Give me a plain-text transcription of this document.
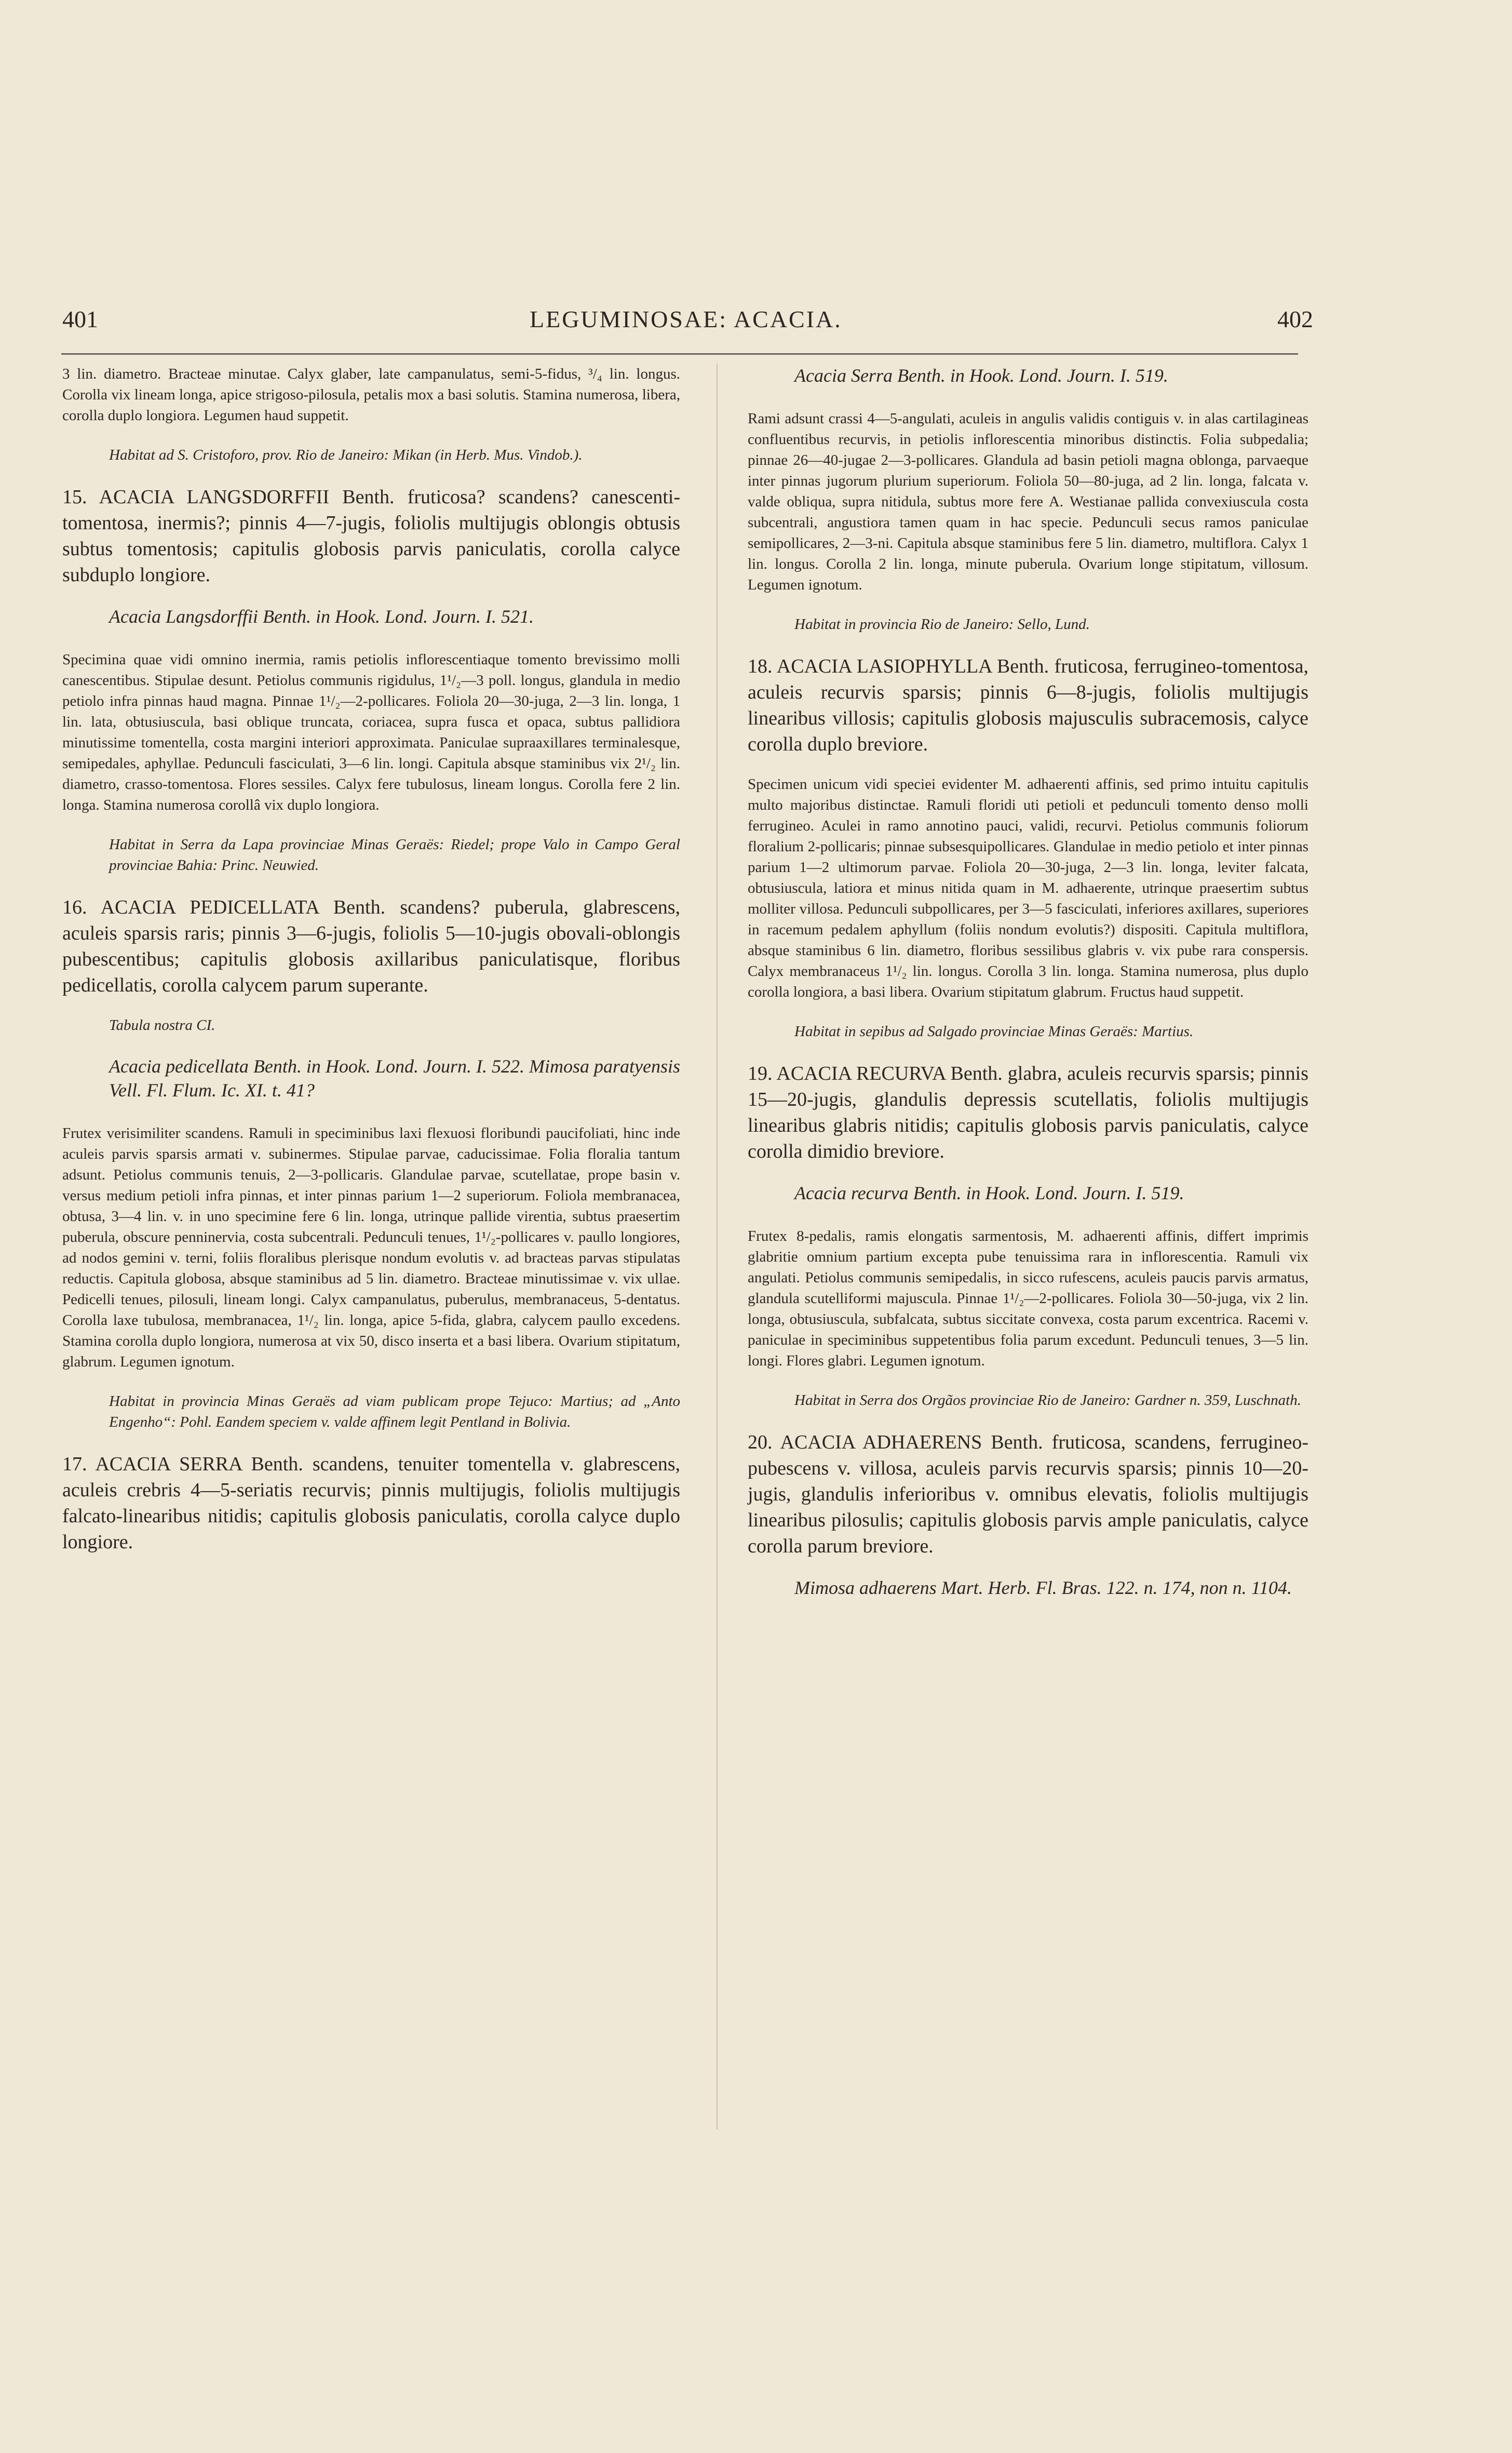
401	LEGUMINOSAE: ACACIA.	402

3 lin. diametro. Bracteae minutae. Calyx glaber, late campanulatus, semi-5-fidus, ³/₄ lin. longus. Corolla vix lineam longa, apice strigoso-pilosula, petalis mox a basi solutis. Stamina numerosa, libera, corolla duplo longiora. Legumen haud suppetit.

Habitat ad S. Cristoforo, prov. Rio de Janeiro: Mikan (in Herb. Mus. Vindob.).

15. ACACIA LANGSDORFFII Benth. fruticosa? scandens? canescenti-tomentosa, inermis?; pinnis 4—7-jugis, foliolis multijugis oblongis obtusis subtus tomentosis; capitulis globosis parvis paniculatis, corolla calyce subduplo longiore.

Acacia Langsdorffii Benth. in Hook. Lond. Journ. I. 521.

Specimina quae vidi omnino inermia, ramis petiolis inflorescentiaque tomento brevissimo molli canescentibus. Stipulae desunt. Petiolus communis rigidulus, 1¹/₂—3 poll. longus, glandula in medio petiolo infra pinnas haud magna. Pinnae 1¹/₂—2-pollicares. Foliola 20—30-juga, 2—3 lin. longa, 1 lin. lata, obtusiuscula, basi oblique truncata, coriacea, supra fusca et opaca, subtus pallidiora minutissime tomentella, costa margini interiori approximata. Paniculae supraaxillares terminalesque, semipedales, aphyllae. Pedunculi fasciculati, 3—6 lin. longi. Capitula absque staminibus vix 2¹/₂ lin. diametro, crasso-tomentosa. Flores sessiles. Calyx fere tubulosus, lineam longus. Corolla fere 2 lin. longa. Stamina numerosa corollâ vix duplo longiora.

Habitat in Serra da Lapa provinciae Minas Geraës: Riedel; prope Valo in Campo Geral provinciae Bahia: Princ. Neuwied.

16. ACACIA PEDICELLATA Benth. scandens? puberula, glabrescens, aculeis sparsis raris; pinnis 3—6-jugis, foliolis 5—10-jugis obovali-oblongis pubescentibus; capitulis globosis axillaribus paniculatisque, floribus pedicellatis, corolla calycem parum superante.

Tabula nostra CI.

Acacia pedicellata Benth. in Hook. Lond. Journ. I. 522. Mimosa paratyensis Vell. Fl. Flum. Ic. XI. t. 41?

Frutex verisimiliter scandens. Ramuli in speciminibus laxi flexuosi floribundi paucifoliati, hinc inde aculeis parvis sparsis armati v. subinermes. Stipulae parvae, caducissimae. Folia floralia tantum adsunt. Petiolus communis tenuis, 2—3-pollicaris. Glandulae parvae, scutellatae, prope basin v. versus medium petioli infra pinnas, et inter pinnas parium 1—2 superiorum. Foliola membranacea, obtusa, 3—4 lin. v. in uno specimine fere 6 lin. longa, utrinque pallide virentia, subtus praesertim puberula, obscure penninervia, costa subcentrali. Pedunculi tenues, 1¹/₂-pollicares v. paullo longiores, ad nodos gemini v. terni, foliis floralibus plerisque nondum evolutis v. ad bracteas parvas stipulatas reductis. Capitula globosa, absque staminibus ad 5 lin. diametro. Bracteae minutissimae v. vix ullae. Pedicelli tenues, pilosuli, lineam longi. Calyx campanulatus, puberulus, membranaceus, 5-dentatus. Corolla laxe tubulosa, membranacea, 1¹/₂ lin. longa, apice 5-fida, glabra, calycem paullo excedens. Stamina corolla duplo longiora, numerosa at vix 50, disco inserta et a basi libera. Ovarium stipitatum, glabrum. Legumen ignotum.

Habitat in provincia Minas Geraës ad viam publicam prope Tejuco: Martius; ad „Anto Engenho“: Pohl. Eandem speciem v. valde affinem legit Pentland in Bolivia.

17. ACACIA SERRA Benth. scandens, tenuiter tomentella v. glabrescens, aculeis crebris 4—5-seriatis recurvis; pinnis multijugis, foliolis multijugis falcato-linearibus nitidis; capitulis globosis paniculatis, corolla calyce duplo longiore.

Acacia Serra Benth. in Hook. Lond. Journ. I. 519.

Rami adsunt crassi 4—5-angulati, aculeis in angulis validis contiguis v. in alas cartilagineas confluentibus recurvis, in petiolis inflorescentia minoribus distinctis. Folia subpedalia; pinnae 26—40-jugae 2—3-pollicares. Glandula ad basin petioli magna oblonga, parvaeque inter pinnas jugorum plurium superiorum. Foliola 50—80-juga, ad 2 lin. longa, falcata v. valde obliqua, supra nitidula, subtus more fere A. Westianae pallida convexiuscula costa subcentrali, angustiora tamen quam in hac specie. Pedunculi secus ramos paniculae semipollicares, 2—3-ni. Capitula absque staminibus fere 5 lin. diametro, multiflora. Calyx 1 lin. longus. Corolla 2 lin. longa, minute puberula. Ovarium longe stipitatum, villosum. Legumen ignotum.

Habitat in provincia Rio de Janeiro: Sello, Lund.

18. ACACIA LASIOPHYLLA Benth. fruticosa, ferrugineo-tomentosa, aculeis recurvis sparsis; pinnis 6—8-jugis, foliolis multijugis linearibus villosis; capitulis globosis majusculis subracemosis, calyce corolla duplo breviore.

Specimen unicum vidi speciei evidenter M. adhaerenti affinis, sed primo intuitu capitulis multo majoribus distinctae. Ramuli floridi uti petioli et pedunculi tomento denso molli ferrugineo. Aculei in ramo annotino pauci, validi, recurvi. Petiolus communis foliorum floralium 2-pollicaris; pinnae subsesquipollicares. Glandulae in medio petiolo et inter pinnas parium 1—2 ultimorum parvae. Foliola 20—30-juga, 2—3 lin. longa, leviter falcata, obtusiuscula, latiora et minus nitida quam in M. adhaerente, utrinque praesertim subtus molliter villosa. Pedunculi subpollicares, per 3—5 fasciculati, inferiores axillares, superiores in racemum pedalem aphyllum (foliis nondum evolutis?) dispositi. Capitula multiflora, absque staminibus 6 lin. diametro, floribus sessilibus glabris v. vix pube rara conspersis. Calyx membranaceus 1¹/₂ lin. longus. Corolla 3 lin. longa. Stamina numerosa, plus duplo corolla longiora, a basi libera. Ovarium stipitatum glabrum. Fructus haud suppetit.

Habitat in sepibus ad Salgado provinciae Minas Geraës: Martius.

19. ACACIA RECURVA Benth. glabra, aculeis recurvis sparsis; pinnis 15—20-jugis, glandulis depressis scutellatis, foliolis multijugis linearibus glabris nitidis; capitulis globosis parvis paniculatis, calyce corolla dimidio breviore.

Acacia recurva Benth. in Hook. Lond. Journ. I. 519.

Frutex 8-pedalis, ramis elongatis sarmentosis, M. adhaerenti affinis, differt imprimis glabritie omnium partium excepta pube tenuissima rara in inflorescentia. Ramuli vix angulati. Petiolus communis semipedalis, in sicco rufescens, aculeis paucis parvis armatus, glandula scutelliformi majuscula. Pinnae 1¹/₂—2-pollicares. Foliola 30—50-juga, vix 2 lin. longa, obtusiuscula, subfalcata, subtus siccitate convexa, costa parum excentrica. Racemi v. paniculae in speciminibus suppetentibus folia parum excedunt. Pedunculi tenues, 3—5 lin. longi. Flores glabri. Legumen ignotum.

Habitat in Serra dos Orgãos provinciae Rio de Janeiro: Gardner n. 359, Luschnath.

20. ACACIA ADHAERENS Benth. fruticosa, scandens, ferrugineo-pubescens v. villosa, aculeis parvis recurvis sparsis; pinnis 10—20-jugis, glandulis inferioribus v. omnibus elevatis, foliolis multijugis linearibus pilosulis; capitulis globosis parvis ample paniculatis, calyce corolla parum breviore.

Mimosa adhaerens Mart. Herb. Fl. Bras. 122. n. 174, non n. 1104.
